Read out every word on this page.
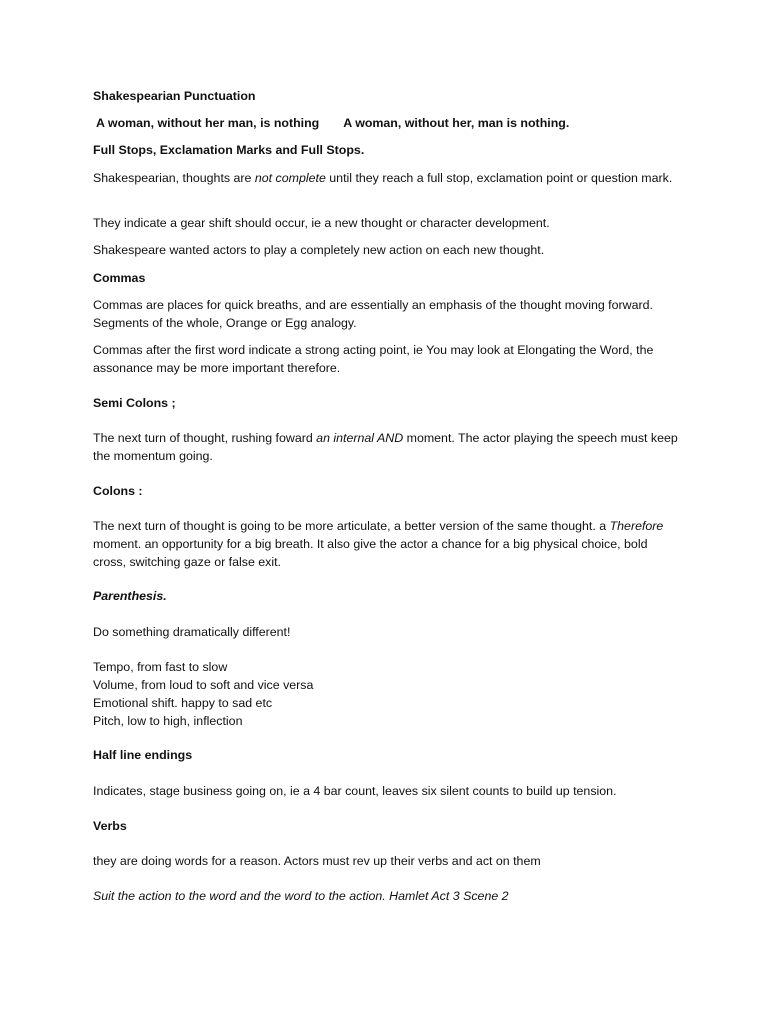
Shakespearian Punctuation

A woman, without her man, is nothing A woman, without her, man is nothing.

Full Stops, Exclamation Marks and Full Stops.

Shakespearian, thoughts are not complete until they reach a full stop, exclamation point or question mark.

They indicate a gear shift should occur, ie a new thought or character development.

Shakespeare wanted actors to play a completely new action on each new thought.

Commas

Commas are places for quick breaths, and are essentially an emphasis of the thought moving forward. Segments of the whole, Orange or Egg analogy.

Commas after the first word indicate a strong acting point, ie You may look at Elongating the Word, the assonance may be more important therefore.

Semi Colons ;

The next turn of thought, rushing foward an internal AND moment. The actor playing the speech must keep the momentum going.

Colons :

The next turn of thought is going to be more articulate, a better version of the same thought. a Therefore moment. an opportunity for a big breath. It also give the actor a chance for a big physical choice, bold cross, switching gaze or false exit.

Parenthesis.

Do something dramatically different!

Tempo, from fast to slow
Volume, from loud to soft and vice versa
Emotional shift. happy to sad etc
Pitch, low to high, inflection

Half line endings

Indicates, stage business going on, ie a 4 bar count, leaves six silent counts to build up tension.

Verbs

they are doing words for a reason. Actors must rev up their verbs and act on them

Suit the action to the word and the word to the action. Hamlet Act 3 Scene 2
